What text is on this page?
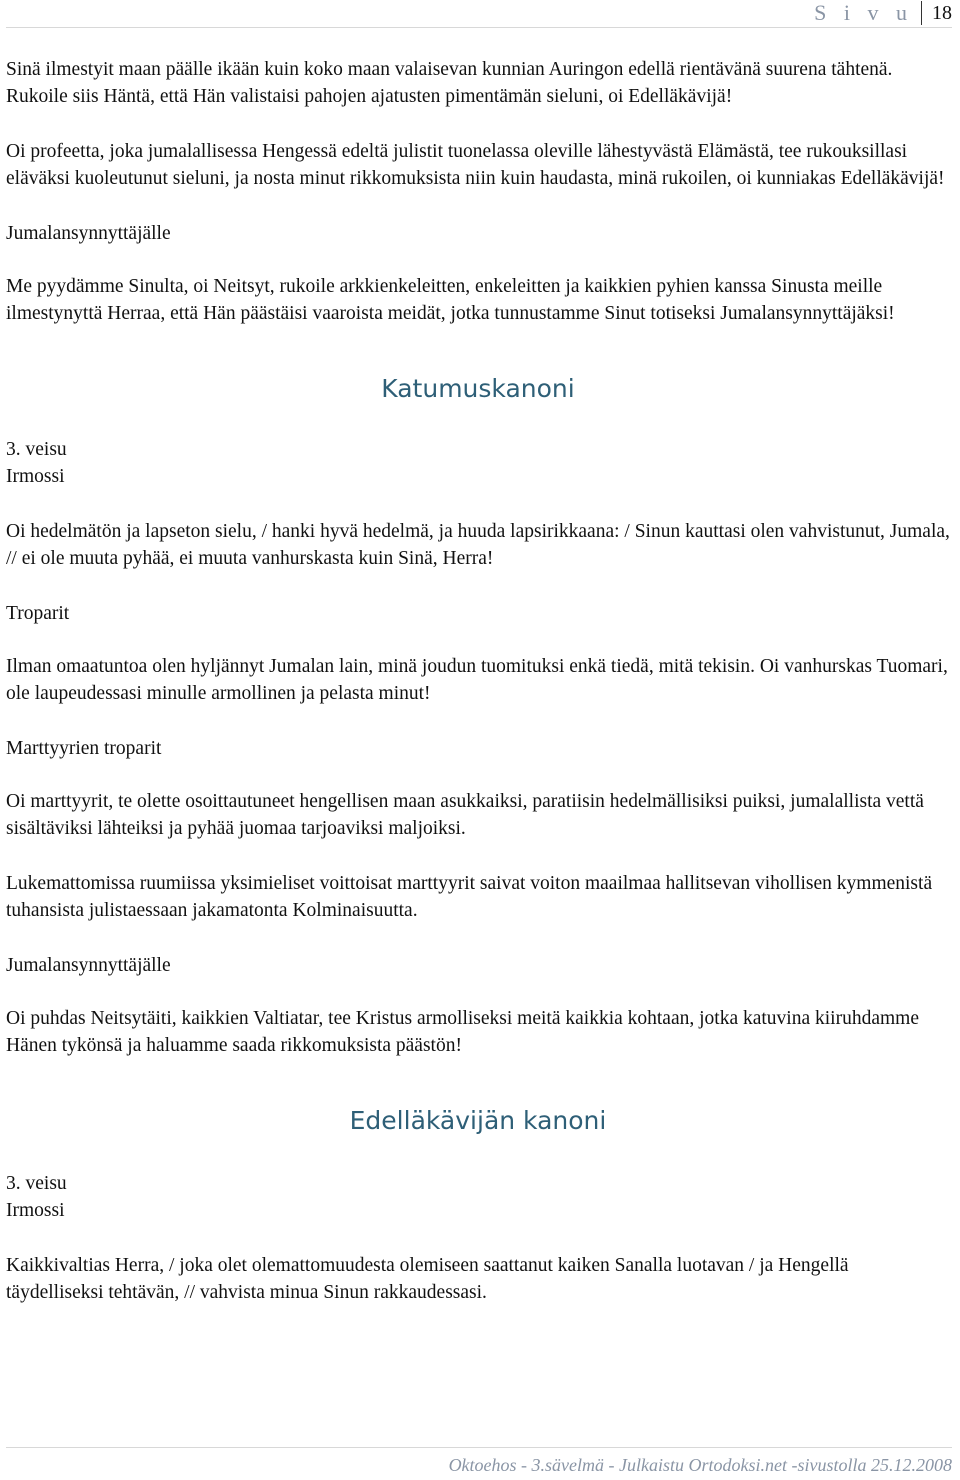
S i v u 18

Sinä ilmestyit maan päälle ikään kuin koko maan valaisevan kunnian Auringon edellä rientävänä suurena tähtenä. Rukoile siis Häntä, että Hän valistaisi pahojen ajatusten pimentämän sieluni, oi Edelläkävijä!

Oi profeetta, joka jumalallisessa Hengessä edeltä julistit tuonelassa oleville lähestyvästä Elämästä, tee rukouksillasi eläväksi kuoleutunut sieluni, ja nosta minut rikkomuksista niin kuin haudasta, minä rukoilen, oi kunniakas Edelläkävijä!

Jumalansynnyttäjälle

Me pyydämme Sinulta, oi Neitsyt, rukoile arkkienkeleitten, enkeleitten ja kaikkien pyhien kanssa Sinusta meille ilmestynyttä Herraa, että Hän päästäisi vaaroista meidät, jotka tunnustamme Sinut totiseksi Jumalansynnyttäjäksi!

Katumuskanoni
3. veisu
Irmossi

Oi hedelmätön ja lapseton sielu, / hanki hyvä hedelmä, ja huuda lapsirikkaana: / Sinun kauttasi olen vahvistunut, Jumala, // ei ole muuta pyhää, ei muuta vanhurskasta kuin Sinä, Herra!

Troparit

Ilman omaatuntoa olen hyljännyt Jumalan lain, minä joudun tuomituksi enkä tiedä, mitä tekisin. Oi vanhurskas Tuomari, ole laupeudessasi minulle armollinen ja pelasta minut!

Marttyyrien troparit

Oi marttyyrit, te olette osoittautuneet hengellisen maan asukkaiksi, paratiisin hedelmällisiksi puiksi, jumalallista vettä sisältäviksi lähteiksi ja pyhää juomaa tarjoaviksi maljoiksi.

Lukemattomissa ruumiissa yksimieliset voittoisat marttyyrit saivat voiton maailmaa hallitsevan vihollisen kymmenistä tuhansista julistaessaan jakamatonta Kolminaisuutta.

Jumalansynnyttäjälle

Oi puhdas Neitsytäiti, kaikkien Valtiatar, tee Kristus armolliseksi meitä kaikkia kohtaan, jotka katuvina kiiruhdamme Hänen tykönsä ja haluamme saada rikkomuksista päästön!

Edelläkävijän kanoni
3. veisu
Irmossi

Kaikkivaltias Herra, / joka olet olemattomuudesta olemiseen saattanut kaiken Sanalla luotavan / ja Hengellä täydelliseksi tehtävän, // vahvista minua Sinun rakkaudessasi.

Oktoehos - 3.sävelmä - Julkaistu Ortodoksi.net -sivustolla 25.12.2008
